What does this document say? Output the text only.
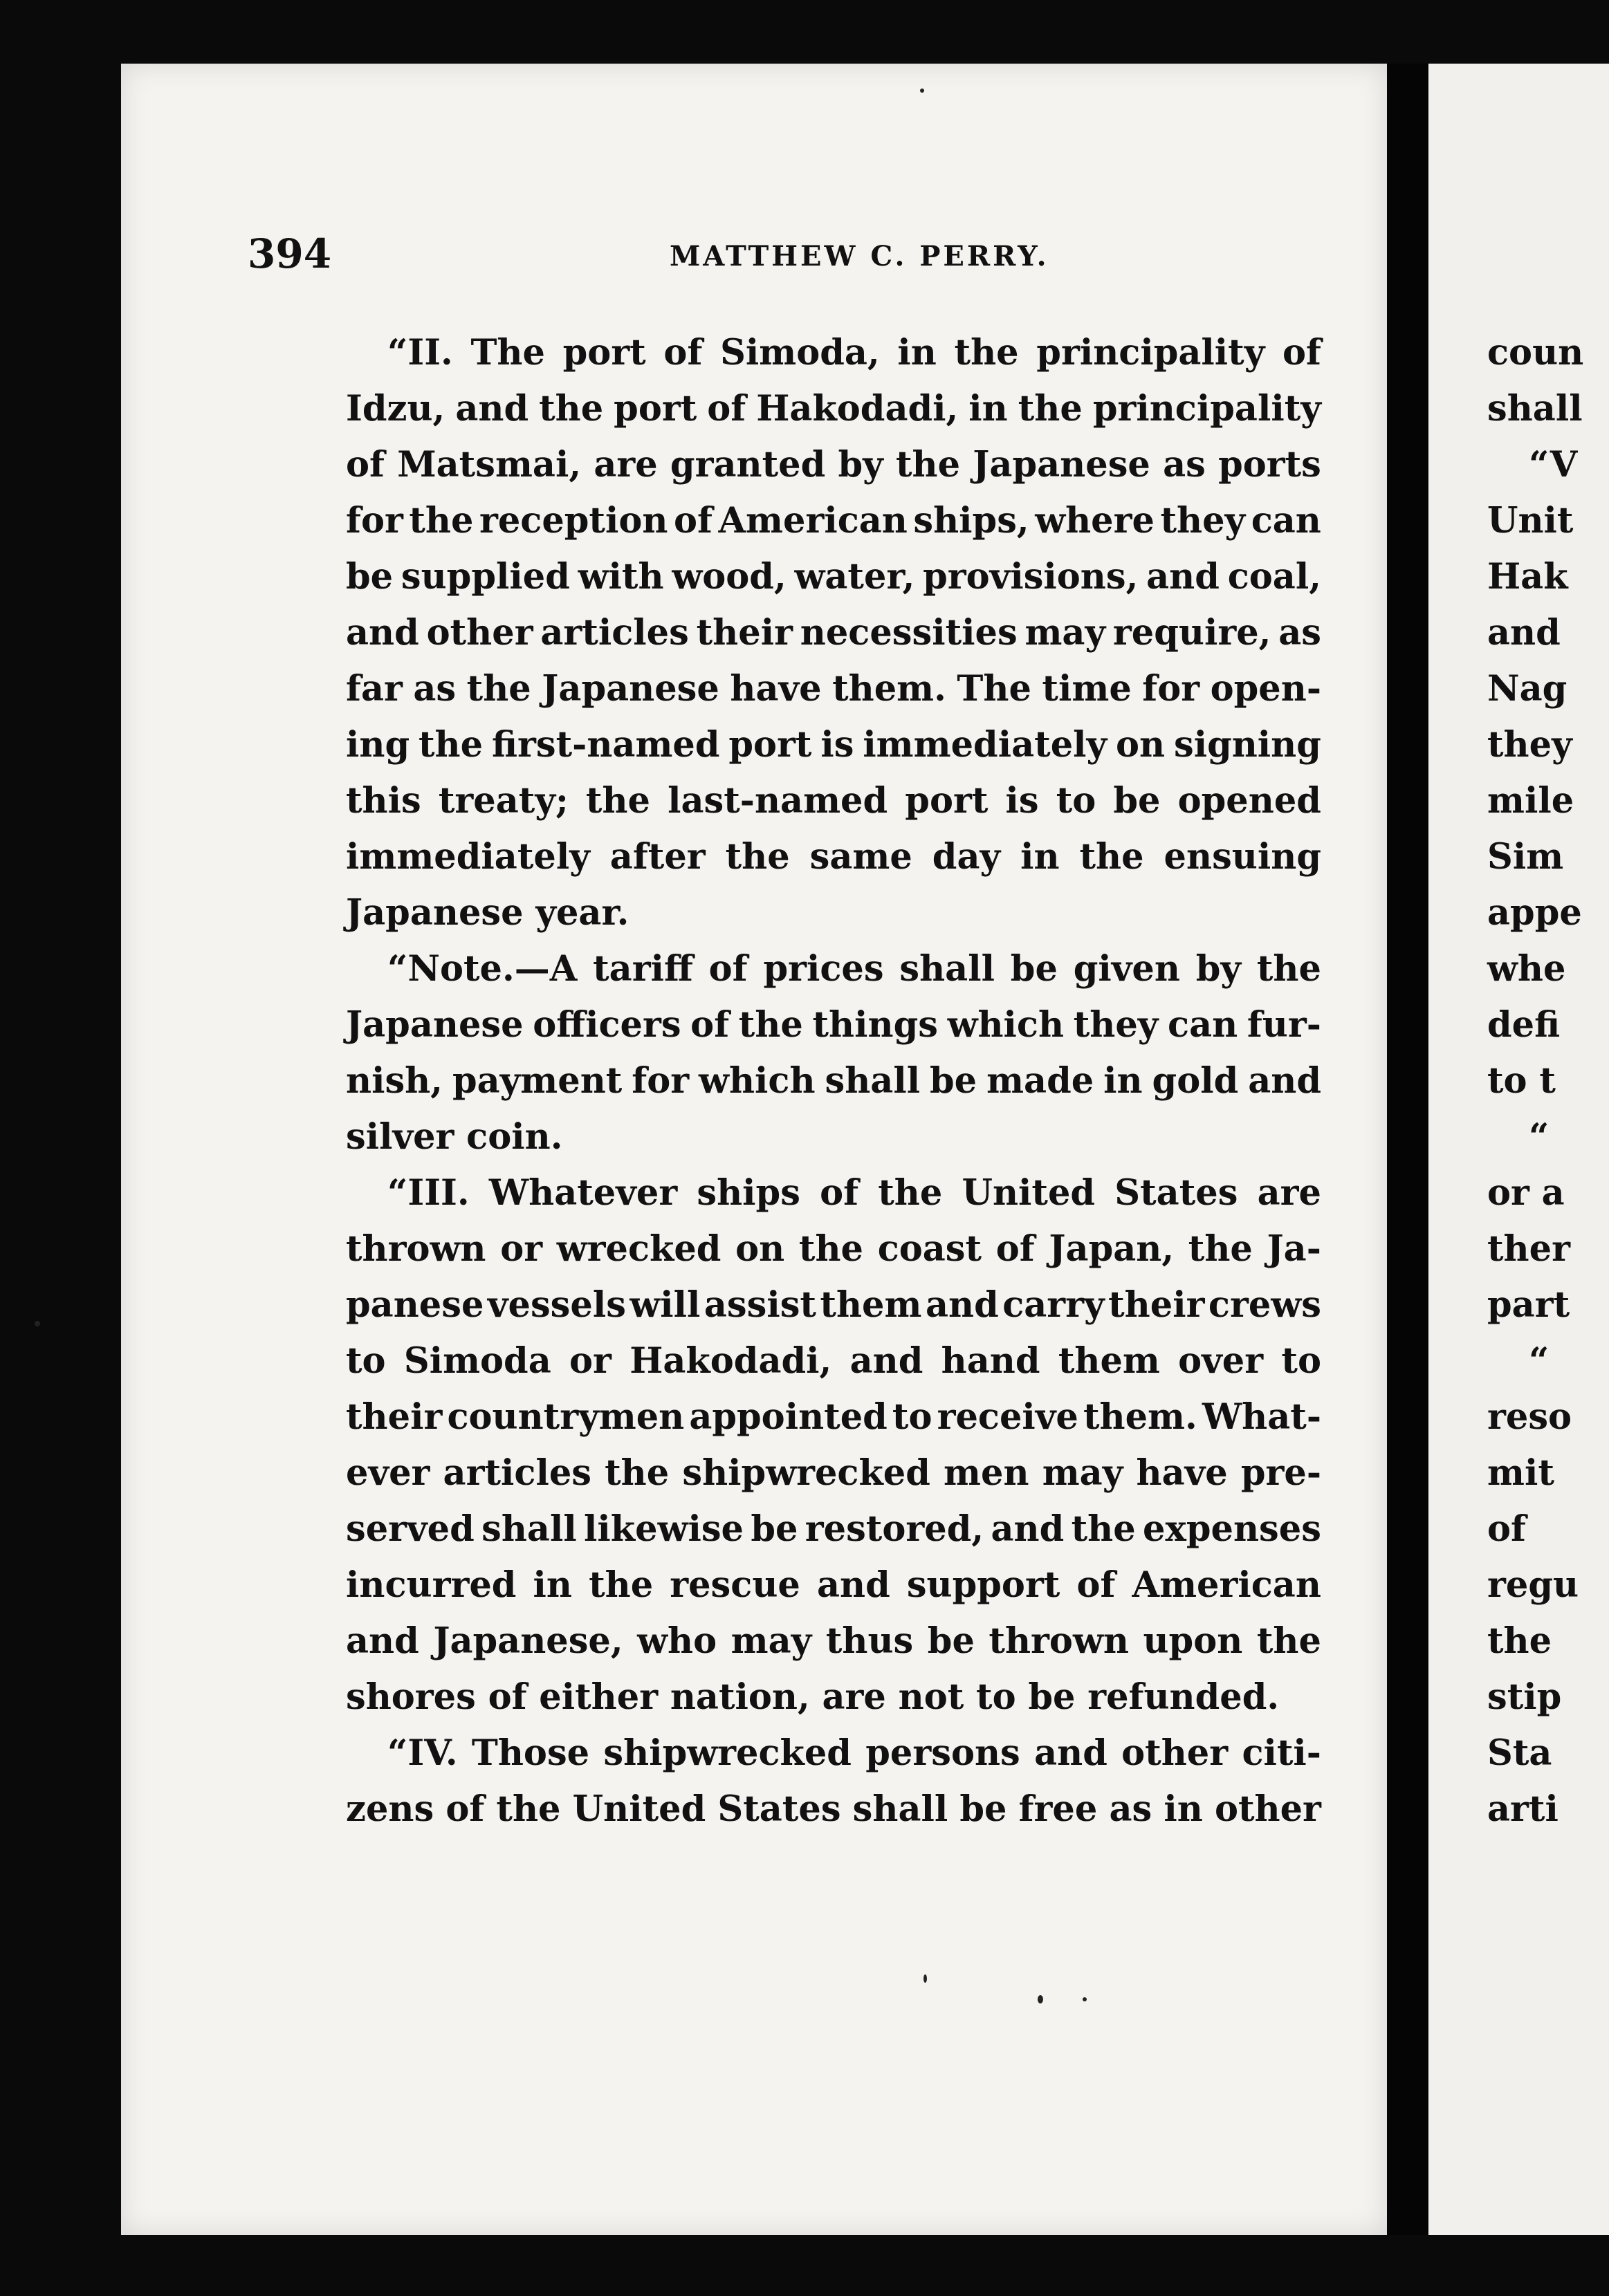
394	MATTHEW C. PERRY.
“II. The port of Simoda, in the principality of
Idzu, and the port of Hakodadi, in the principality
of Matsmai, are granted by the Japanese as ports
for the reception of American ships, where they can
be supplied with wood, water, provisions, and coal,
and other articles their necessities may require, as
far as the Japanese have them. The time for open-
ing the first-named port is immediately on signing
this treaty; the last-named port is to be opened
immediately after the same day in the ensuing
Japanese year.
“Note.—A tariff of prices shall be given by the
Japanese officers of the things which they can fur-
nish, payment for which shall be made in gold and
silver coin.
“III. Whatever ships of the United States are
thrown or wrecked on the coast of Japan, the Ja-
panese vessels will assist them and carry their crews
to Simoda or Hakodadi, and hand them over to
their countrymen appointed to receive them. What-
ever articles the shipwrecked men may have pre-
served shall likewise be restored, and the expenses
incurred in the rescue and support of American
and Japanese, who may thus be thrown upon the
shores of either nation, are not to be refunded.
“IV. Those shipwrecked persons and other citi-
zens of the United States shall be free as in other
coun
shall
“V
Unit
Hak
and
Nag
they
mile
Sim
appe
whe
defi
to t
“
or a
ther
part
“
reso
mit
of
regu
the
stip
Sta
arti
